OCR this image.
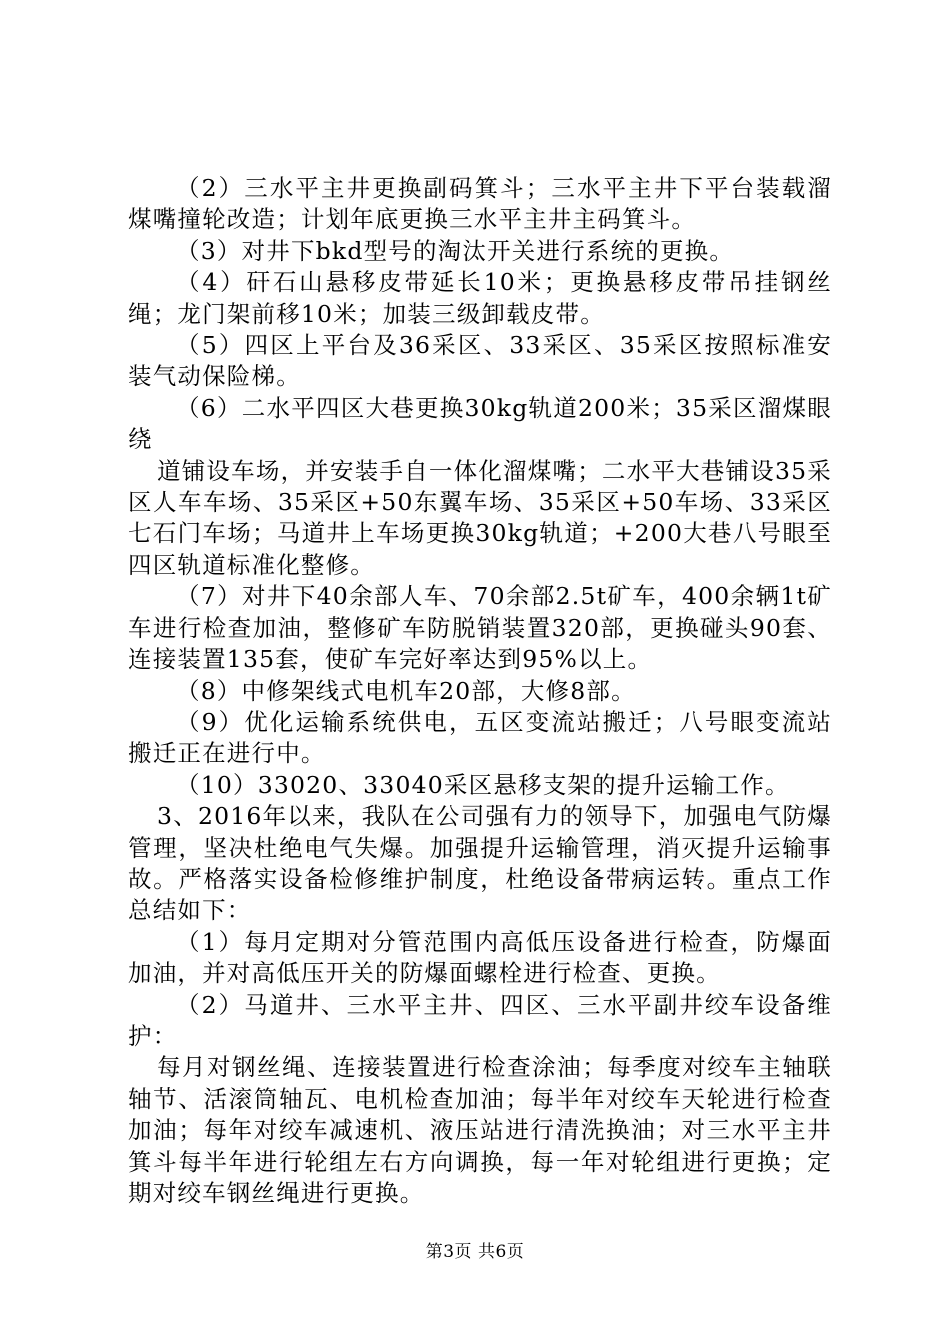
（2）三水平主井更换副码箕斗；三水平主井下平台装载溜煤嘴撞轮改造；计划年底更换三水平主井主码箕斗。

（3）对井下bkd型号的淘汰开关进行系统的更换。

（4）矸石山悬移皮带延长10米；更换悬移皮带吊挂钢丝绳；龙门架前移10米；加装三级卸载皮带。

（5）四区上平台及36采区、33采区、35采区按照标准安装气动保险梯。

（6）二水平四区大巷更换30kg轨道200米；35采区溜煤眼绕

道铺设车场，并安装手自一体化溜煤嘴；二水平大巷铺设35采区人车车场、35采区+50东翼车场、35采区+50车场、33采区七石门车场；马道井上车场更换30kg轨道；+200大巷八号眼至四区轨道标准化整修。

（7）对井下40余部人车、70余部2.5t矿车，400余辆1t矿车进行检查加油，整修矿车防脱销装置320部，更换碰头90套、连接装置135套，使矿车完好率达到95%以上。

（8）中修架线式电机车20部，大修8部。

（9）优化运输系统供电，五区变流站搬迁；八号眼变流站搬迁正在进行中。

（10）33020、33040采区悬移支架的提升运输工作。

3、2016年以来，我队在公司强有力的领导下，加强电气防爆管理，坚决杜绝电气失爆。加强提升运输管理，消灭提升运输事故。严格落实设备检修维护制度，杜绝设备带病运转。重点工作总结如下：

（1）每月定期对分管范围内高低压设备进行检查，防爆面加油，并对高低压开关的防爆面螺栓进行检查、更换。

（2）马道井、三水平主井、四区、三水平副井绞车设备维护：

每月对钢丝绳、连接装置进行检查涂油；每季度对绞车主轴联轴节、活滚筒轴瓦、电机检查加油；每半年对绞车天轮进行检查加油；每年对绞车减速机、液压站进行清洗换油；对三水平主井箕斗每半年进行轮组左右方向调换，每一年对轮组进行更换；定期对绞车钢丝绳进行更换。

第3页 共6页
